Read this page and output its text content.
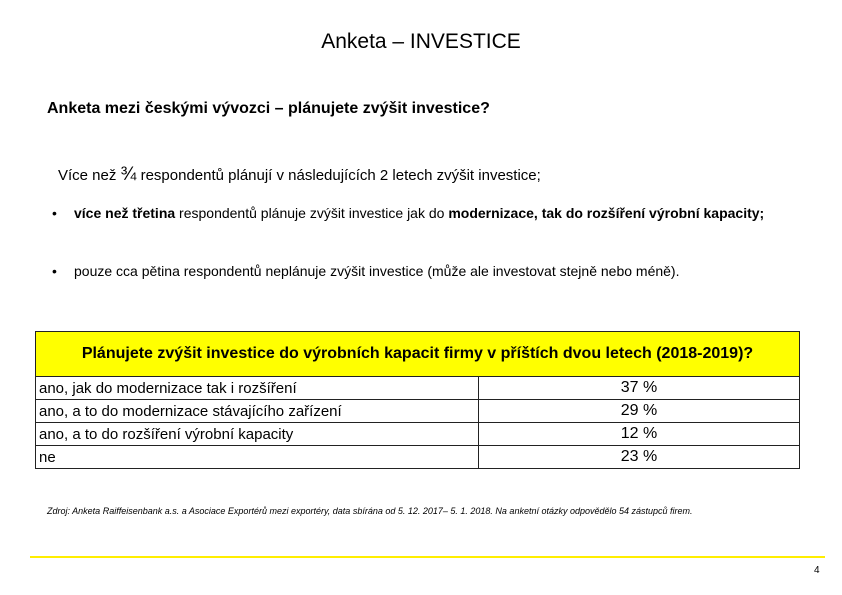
Anketa – INVESTICE
Anketa mezi českými vývozci – plánujete zvýšit investice?
Více než ¾ respondentů plánují v následujících 2 letech zvýšit investice;
• více než třetina respondentů plánuje zvýšit investice jak do modernizace, tak do rozšíření výrobní kapacity;
• pouze cca pětina respondentů neplánuje zvýšit investice (může ale investovat stejně nebo méně).
Plánujete zvýšit investice do výrobních kapacit firmy v příštích dvou letech (2018-2019)?	
ano, jak do modernizace tak i rozšíření	37 %
ano, a to do modernizace stávajícího zařízení	29 %
ano, a to do rozšíření výrobní kapacity	12 %
ne	23 %
Zdroj: Anketa Raiffeisenbank a.s. a Asociace Exportérů mezi exportéry, data sbírána od 5. 12. 2017– 5. 1. 2018. Na anketní otázky odpovědělo 54 zástupců firem.
4
